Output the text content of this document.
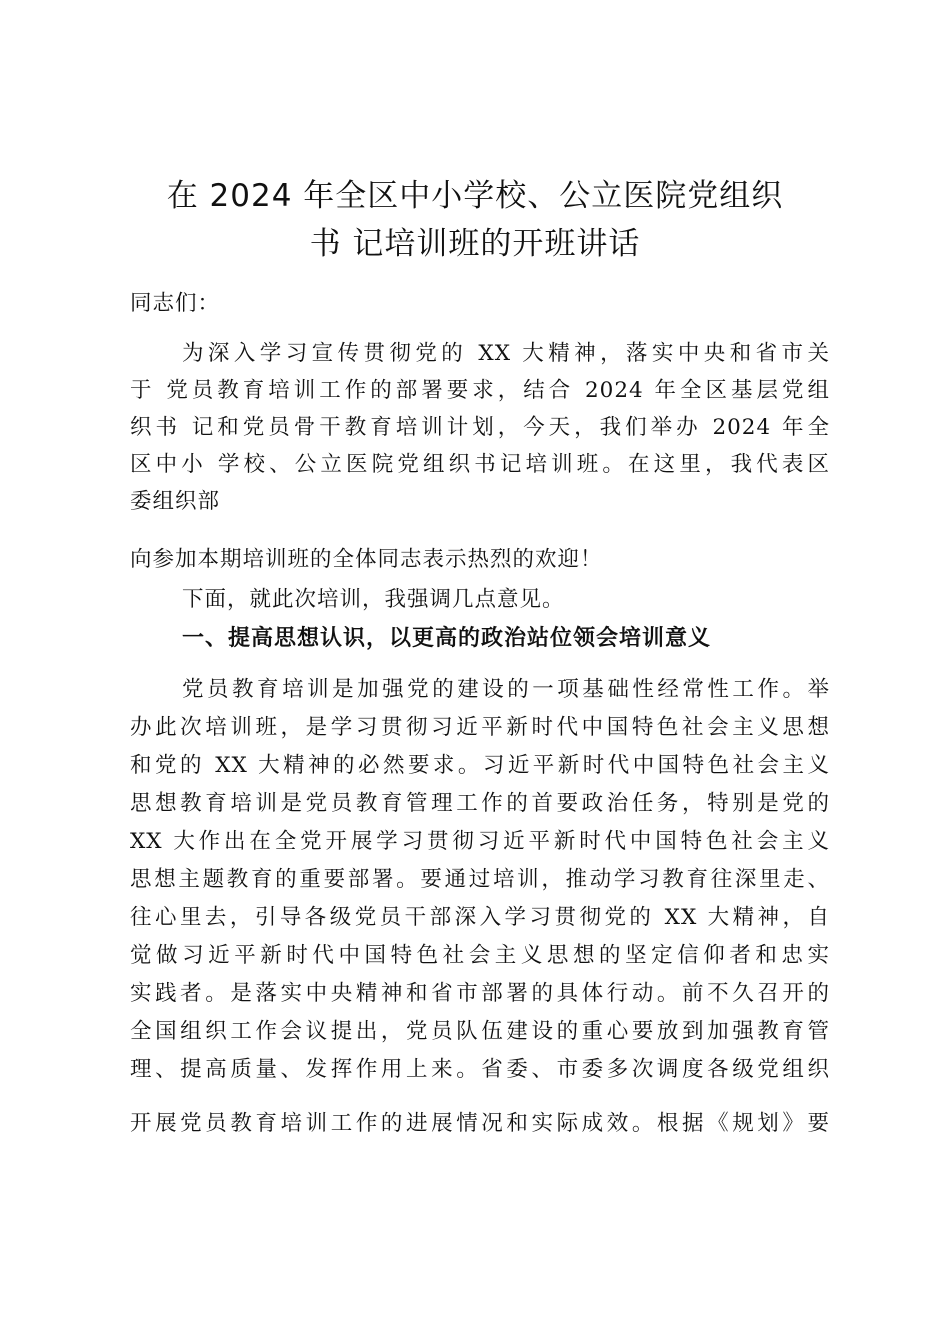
在 2024 年全区中小学校、公立医院党组织
书 记培训班的开班讲话
同志们：
为深入学习宣传贯彻党的 XX 大精神，落实中央和省市关
于 党员教育培训工作的部署要求，结合 2024 年全区基层党组
织书 记和党员骨干教育培训计划，今天，我们举办 2024 年全
区中小 学校、公立医院党组织书记培训班。在这里，我代表区
委组织部
向参加本期培训班的全体同志表示热烈的欢迎！
下面，就此次培训，我强调几点意见。
一、提高思想认识，以更高的政治站位领会培训意义
党员教育培训是加强党的建设的一项基础性经常性工作。举
办此次培训班，是学习贯彻习近平新时代中国特色社会主义思想
和党的 XX 大精神的必然要求。习近平新时代中国特色社会主义
思想教育培训是党员教育管理工作的首要政治任务，特别是党的
XX 大作出在全党开展学习贯彻习近平新时代中国特色社会主义
思想主题教育的重要部署。要通过培训，推动学习教育往深里走、
往心里去，引导各级党员干部深入学习贯彻党的 XX 大精神，自
觉做习近平新时代中国特色社会主义思想的坚定信仰者和忠实
实践者。是落实中央精神和省市部署的具体行动。前不久召开的
全国组织工作会议提出，党员队伍建设的重心要放到加强教育管
理、提高质量、发挥作用上来。省委、市委多次调度各级党组织
开展党员教育培训工作的进展情况和实际成效。根据《规划》要
